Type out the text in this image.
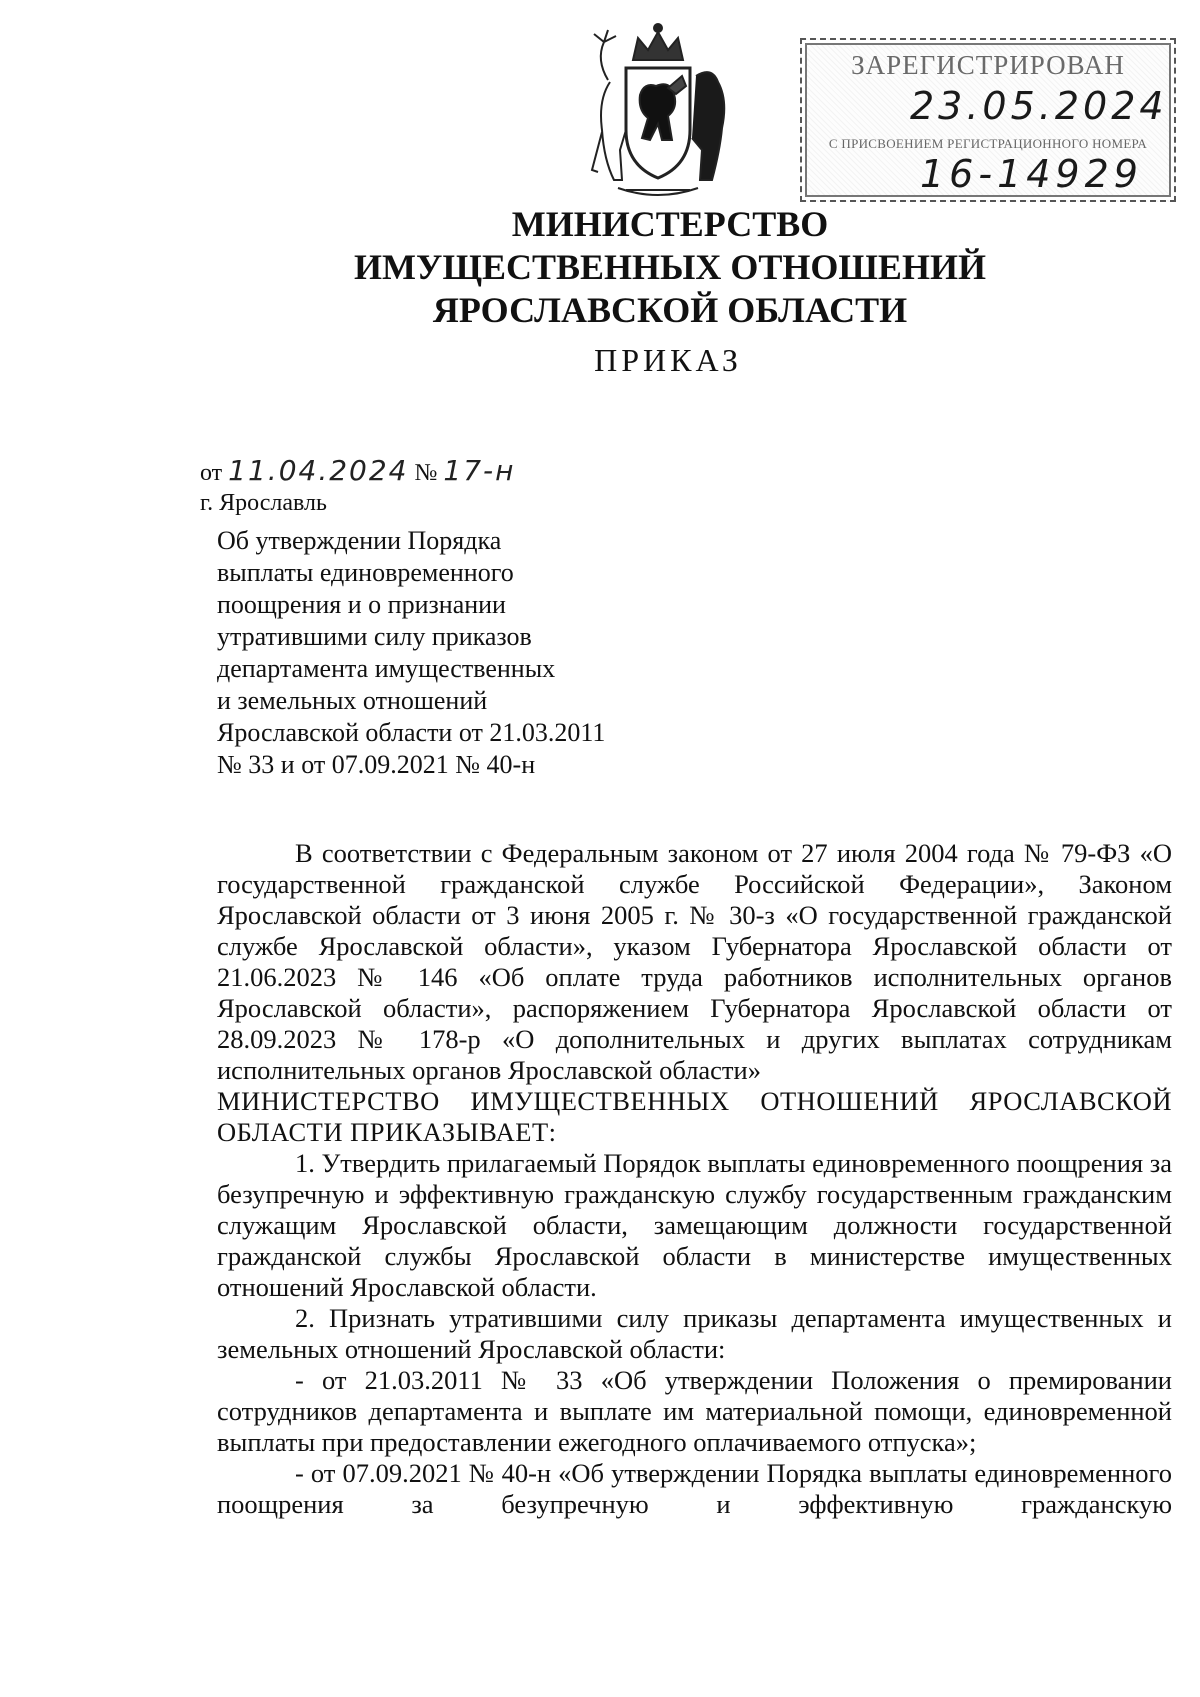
ЗАРЕГИСТРИРОВАН
23.05.2024
С ПРИСВОЕНИЕМ РЕГИСТРАЦИОННОГО НОМЕРА
16-14929
МИНИСТЕРСТВО
ИМУЩЕСТВЕННЫХ ОТНОШЕНИЙ
ЯРОСЛАВСКОЙ ОБЛАСТИ
ПРИКАЗ
от 11.04.2024 № 17-н
г. Ярославль
Об утверждении Порядка
выплаты единовременного
поощрения и о признании
утратившими силу приказов
департамента имущественных
и земельных отношений
Ярославской области от 21.03.2011
№ 33 и от 07.09.2021 № 40-н

В соответствии с Федеральным законом от 27 июля 2004 года № 79-ФЗ «О государственной гражданской службе Российской Федерации», Законом Ярославской области от 3 июня 2005 г. № 30-з «О государственной гражданской службе Ярославской области», указом Губернатора Ярославской области от 21.06.2023 № 146 «Об оплате труда работников исполнительных органов Ярославской области», распоряжением Губернатора Ярославской области от 28.09.2023 № 178-р «О дополнительных и других выплатах сотрудникам исполнительных органов Ярославской области»

МИНИСТЕРСТВО ИМУЩЕСТВЕННЫХ ОТНОШЕНИЙ ЯРОСЛАВСКОЙ ОБЛАСТИ ПРИКАЗЫВАЕТ:

1. Утвердить прилагаемый Порядок выплаты единовременного поощрения за безупречную и эффективную гражданскую службу государственным гражданским служащим Ярославской области, замещающим должности государственной гражданской службы Ярославской области в министерстве имущественных отношений Ярославской области.

2. Признать утратившими силу приказы департамента имущественных и земельных отношений Ярославской области:

- от 21.03.2011 № 33 «Об утверждении Положения о премировании сотрудников департамента и выплате им материальной помощи, единовременной выплаты при предоставлении ежегодного оплачиваемого отпуска»;

- от 07.09.2021 № 40-н «Об утверждении Порядка выплаты единовременного поощрения за безупречную и эффективную гражданскую
